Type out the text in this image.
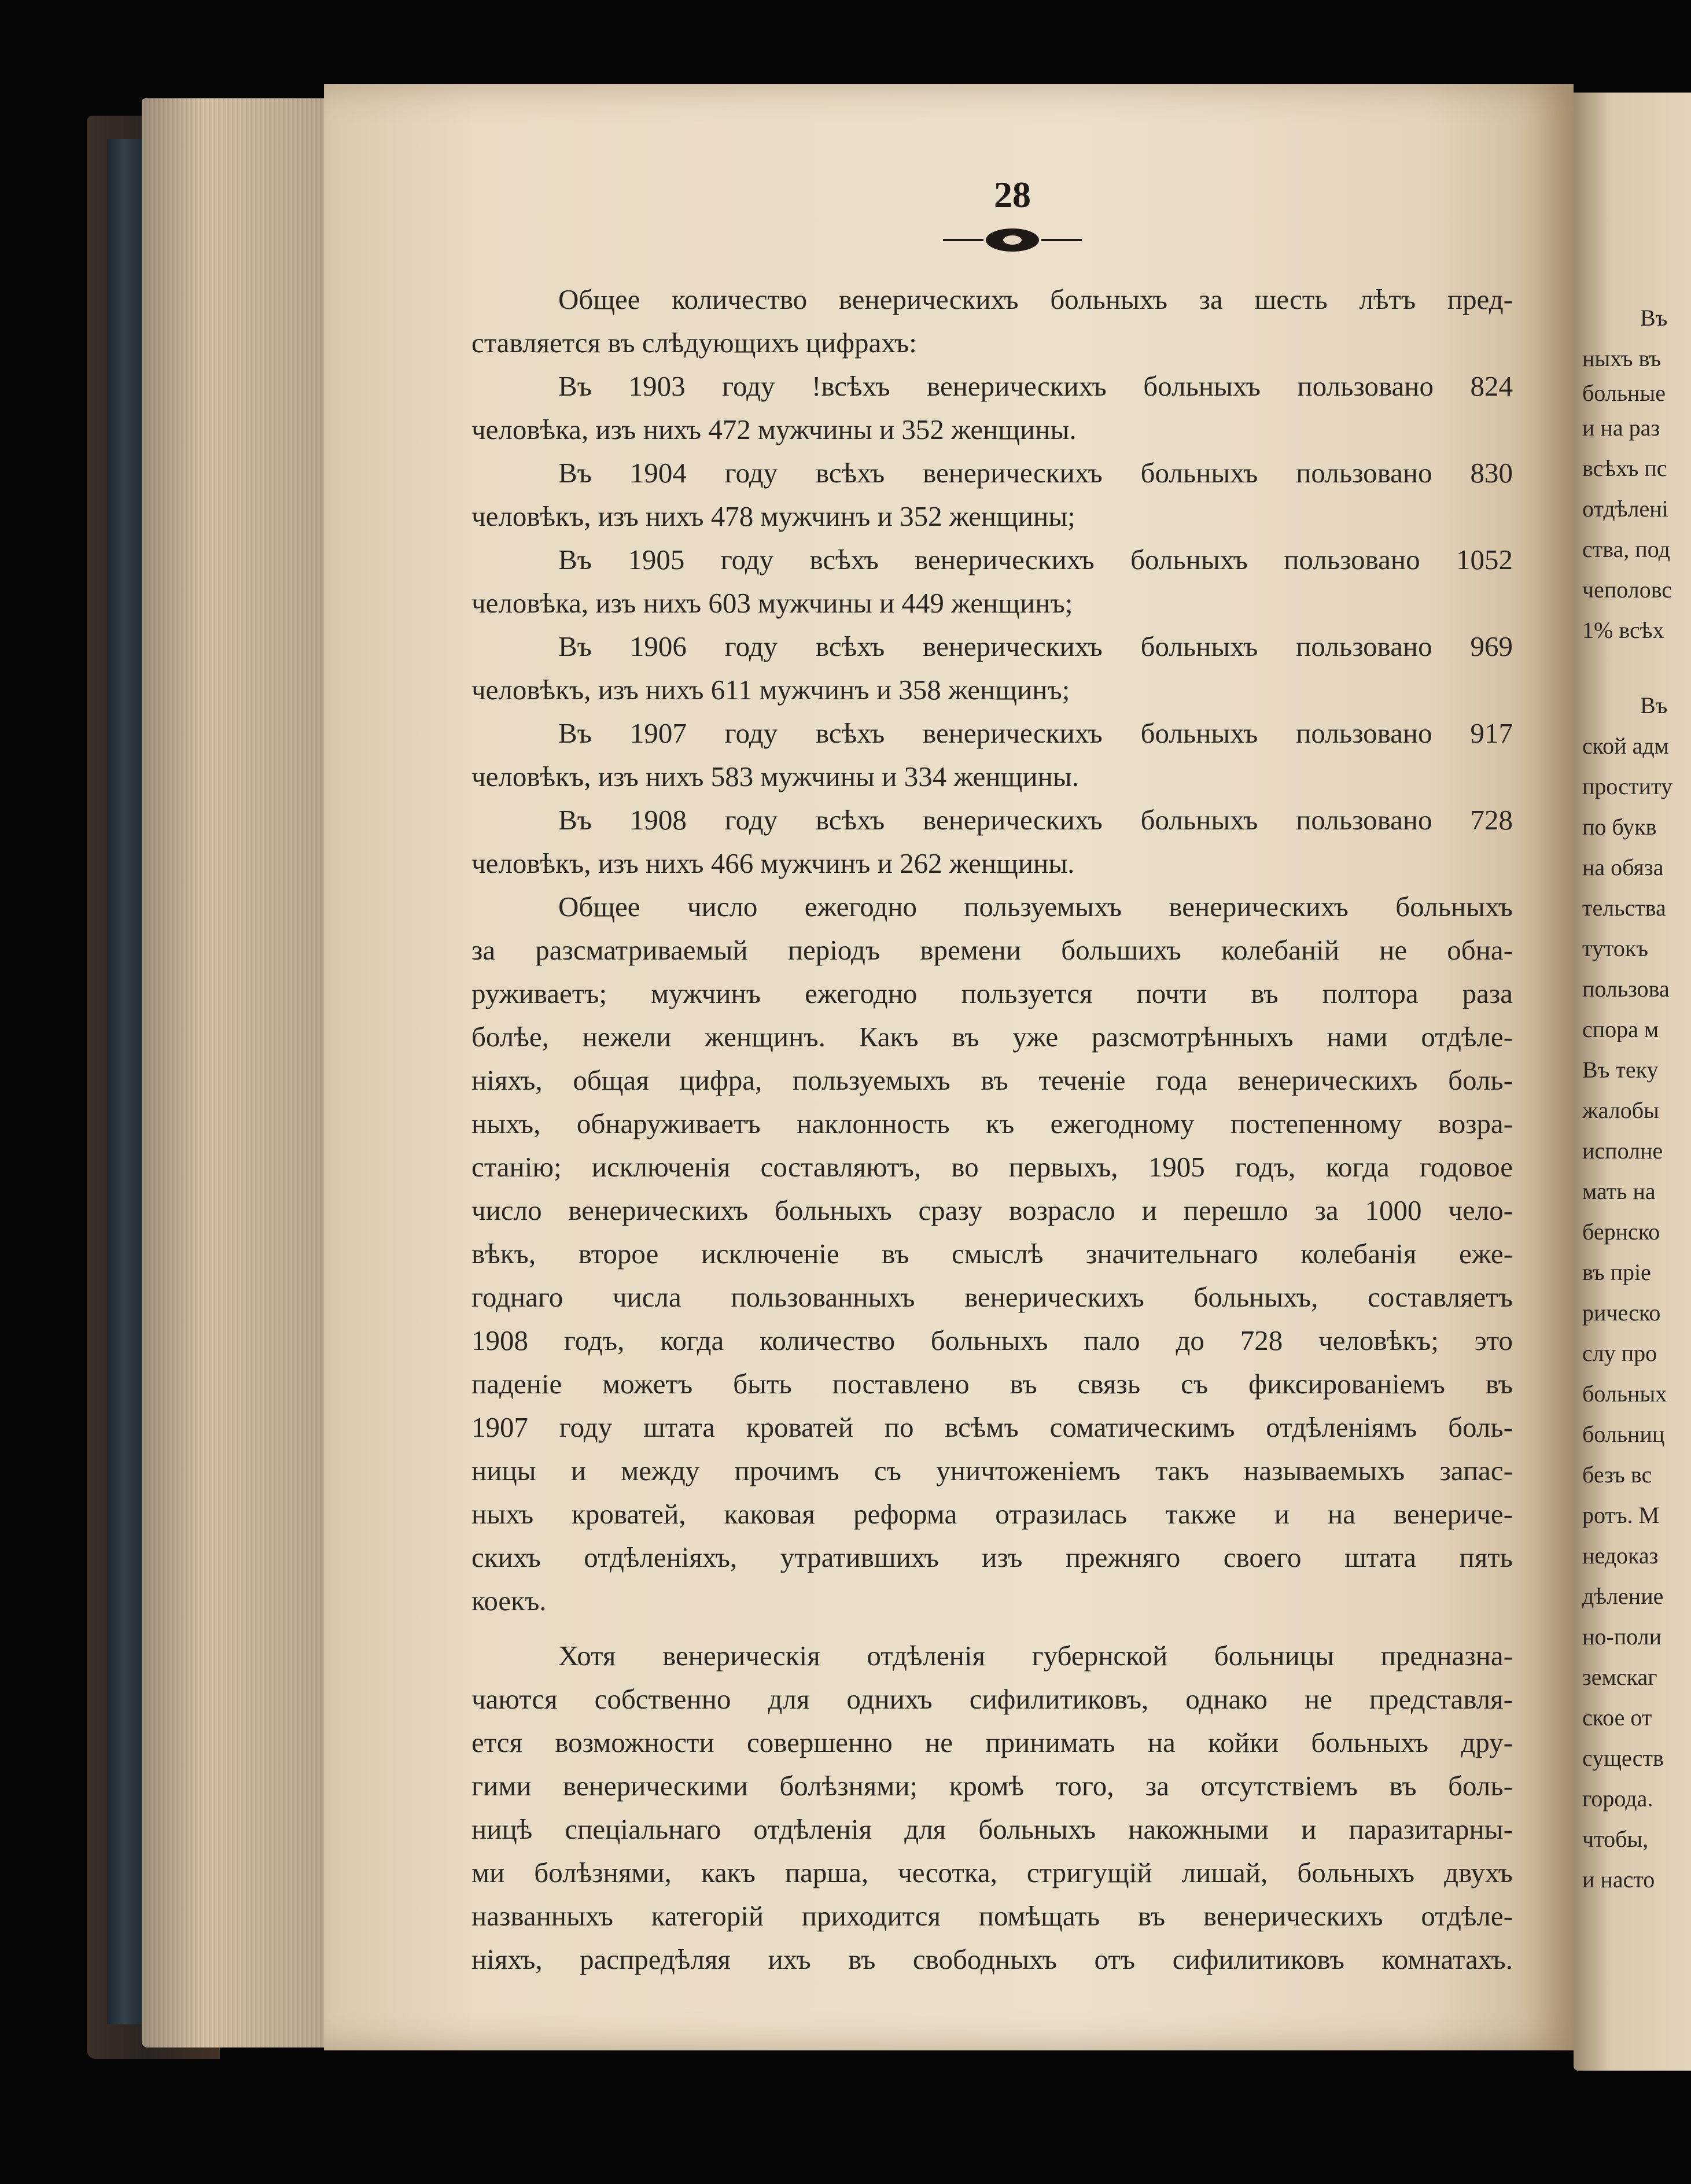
28
Общее количество венерическихъ больныхъ за шесть лѣтъ пред-
ставляется въ слѣдующихъ цифрахъ:
Въ 1903 году !всѣхъ венерическихъ больныхъ пользовано 824
человѣка, изъ нихъ 472 мужчины и 352 женщины.
Въ 1904 году всѣхъ венерическихъ больныхъ пользовано 830
человѣкъ, изъ нихъ 478 мужчинъ и 352 женщины;
Въ 1905 году всѣхъ венерическихъ больныхъ пользовано 1052
человѣка, изъ нихъ 603 мужчины и 449 женщинъ;
Въ 1906 году всѣхъ венерическихъ больныхъ пользовано 969
человѣкъ, изъ нихъ 611 мужчинъ и 358 женщинъ;
Въ 1907 году всѣхъ венерическихъ больныхъ пользовано 917
человѣкъ, изъ нихъ 583 мужчины и 334 женщины.
Въ 1908 году всѣхъ венерическихъ больныхъ пользовано 728
человѣкъ, изъ нихъ 466 мужчинъ и 262 женщины.
Общее число ежегодно пользуемыхъ венерическихъ больныхъ
за разсматриваемый періодъ времени большихъ колебаній не обна-
руживаетъ; мужчинъ ежегодно пользуется почти въ полтора раза
болѣе, нежели женщинъ. Какъ въ уже разсмотрѣнныхъ нами отдѣле-
ніяхъ, общая цифра, пользуемыхъ въ теченіе года венерическихъ боль-
ныхъ, обнаруживаетъ наклонность къ ежегодному постепенному возра-
станію; исключенія составляютъ, во первыхъ, 1905 годъ, когда годовое
число венерическихъ больныхъ сразу возрасло и перешло за 1000 чело-
вѣкъ, второе исключеніе въ смыслѣ значительнаго колебанія еже-
годнаго числа пользованныхъ венерическихъ больныхъ, составляетъ
1908 годъ, когда количество больныхъ пало до 728 человѣкъ; это
паденіе можетъ быть поставлено въ связь съ фиксированіемъ въ
1907 году штата кроватей по всѣмъ соматическимъ отдѣленіямъ боль-
ницы и между прочимъ съ уничтоженіемъ такъ называемыхъ запас-
ныхъ кроватей, каковая реформа отразилась также и на венериче-
скихъ отдѣленіяхъ, утратившихъ изъ прежняго своего штата пять
коекъ.
Хотя венерическія отдѣленія губернской больницы предназна-
чаются собственно для однихъ сифилитиковъ, однако не представля-
ется возможности совершенно не принимать на койки больныхъ дру-
гими венерическими болѣзнями; кромѣ того, за отсутствіемъ въ боль-
ницѣ спеціальнаго отдѣленія для больныхъ накожными и паразитарны-
ми болѣзнями, какъ парша, чесотка, стригущій лишай, больныхъ двухъ
названныхъ категорій приходится помѣщать въ венерическихъ отдѣле-
ніяхъ, распредѣляя ихъ въ свободныхъ отъ сифилитиковъ комнатахъ.
Въ
ныхъ въ
больные
и на раз
всѣхъ пс
отдѣлені
ства, под
чеполовс
1% всѣх
Въ
ской адм
проститу
по букв
на обяза
тельства
тутокъ
пользова
спора м
Въ теку
жалобы
исполне
мать на
бернско
въ пріе
рическо
слу про
больных
больниц
безъ вс
ротъ. М
недоказ
дѣление
но-поли
земскаг
ское от
существ
города.
чтобы,
и насто
